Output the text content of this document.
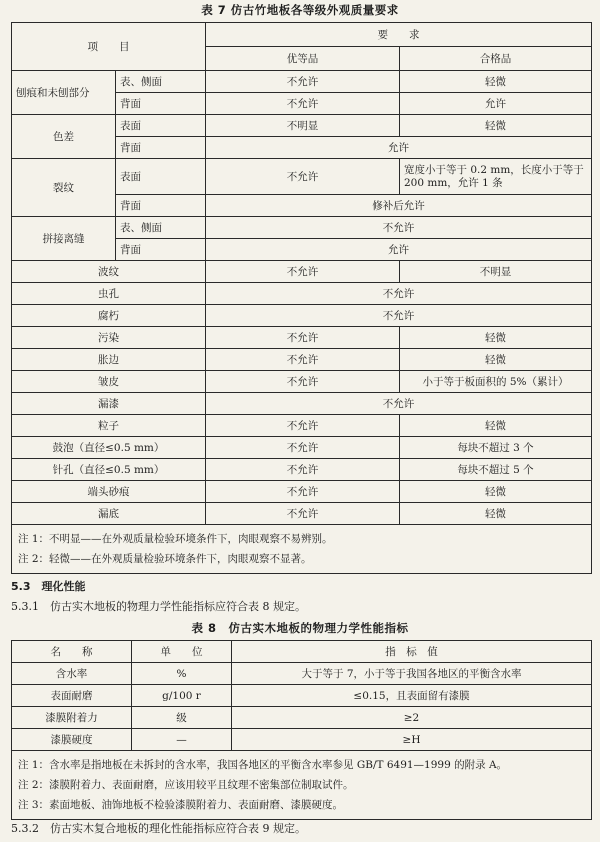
表 7 仿古竹地板各等级外观质量要求
项　　目		要　　求	
		优等品	合格品
刨痕和未刨部分	表、侧面	不允许	轻微
	背面	不允许	允许
色差	表面	不明显	轻微
	背面	允许	
裂纹	表面	不允许	宽度小于等于 0.2 mm，长度小于等于 200 mm，允许 1 条
	背面	修补后允许	
拼接离缝	表、侧面	不允许	
	背面	允许	
波纹		不允许	不明显
虫孔		不允许	
腐朽		不允许	
污染		不允许	轻微
胀边		不允许	轻微
皱皮		不允许	小于等于板面积的 5%（累计）
漏漆		不允许	
粒子		不允许	轻微
鼓泡（直径≤0.5 mm）		不允许	每块不超过 3 个
针孔（直径≤0.5 mm）		不允许	每块不超过 5 个
端头砂痕		不允许	轻微
漏底		不允许	轻微

注 1：不明显——在外观质量检验环境条件下，肉眼观察不易辨别。
注 2：轻微——在外观质量检验环境条件下，肉眼观察不显著。			
5.3　理化性能
5.3.1　仿古实木地板的物理力学性能指标应符合表 8 规定。
表 8　仿古实木地板的物理力学性能指标
名　　称	单　　位	指　标　值
含水率	%	大于等于 7，小于等于我国各地区的平衡含水率
表面耐磨	g/100 r	≤0.15，且表面留有漆膜
漆膜附着力	级	≥2
漆膜硬度	—	≥H

注 1：含水率是指地板在未拆封的含水率，我国各地区的平衡含水率参见 GB/T 6491—1999 的附录 A。
注 2：漆膜附着力、表面耐磨，应该用较平且纹理不密集部位制取试件。
注 3：素面地板、油饰地板不检验漆膜附着力、表面耐磨、漆膜硬度。		
5.3.2　仿古实木复合地板的理化性能指标应符合表 9 规定。
